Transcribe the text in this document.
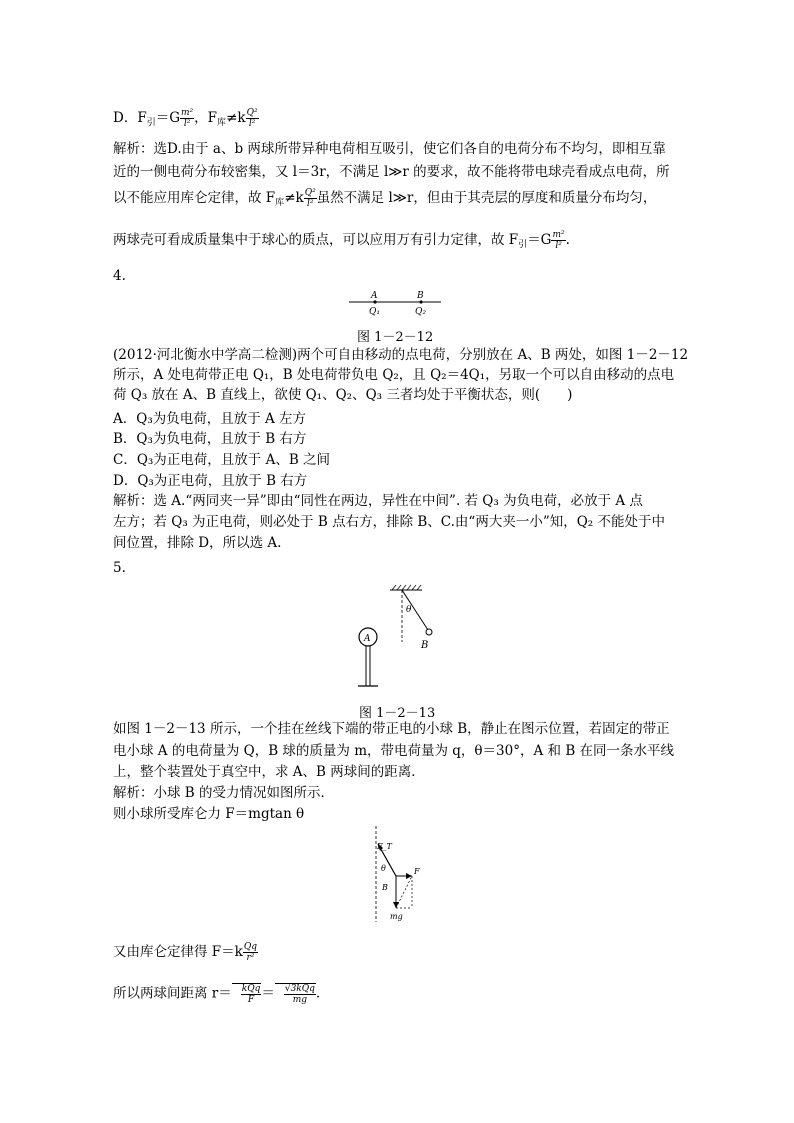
D．$F_引=G \frac{\text{m²}}{\text{l²}}$ ，$F_库\ne k \frac{\text{Q²}}{\text{l²}}$
解析：选D.由于 a、b 两球所带异种电荷相互吸引，使它们各自的电荷分布不均匀，即相互靠
近的一侧电荷分布较密集，又 l＝3r，不满足 l≫r 的要求，故不能将带电球壳看成点电荷，所
以不能应用库仑定律，故 $F_库\ne k \frac{\text{Q²}}{\text{l²}}$ 虽然不满足 l≫r，但由于其壳层的厚度和质量分布均匀，
两球壳可看成质量集中于球心的质点，可以应用万有引力定律，故 $F_引=G \frac{\text{m²}}{\text{l²}}$ .
4.
A	B
Q₁	Q₂
图 1－2－12
(2012·河北衡水中学高二检测)两个可自由移动的点电荷，分别放在 A、B 两处，如图 1－2－12
所示，A 处电荷带正电 Q₁，B 处电荷带负电 Q₂，且 Q₂＝4Q₁，另取一个可以自由移动的点电
荷 Q₃ 放在 A、B 直线上，欲使 Q₁、Q₂、Q₃ 三者均处于平衡状态，则(　　)
A．Q₃为负电荷，且放于 A 左方
B．Q₃为负电荷，且放于 B 右方
C．Q₃为正电荷，且放于 A、B 之间
D．Q₃为正电荷，且放于 B 右方
解析：选 A.“两同夹一异”即由“同性在两边，异性在中间”. 若 Q₃ 为负电荷，必放于 A 点
左方；若 Q₃ 为正电荷，则必处于 B 点右方，排除 B、C.由“两大夹一小”知，Q₂ 不能处于中
间位置，排除 D，所以选 A.
5.
θ
B
A
图 1－2－13
如图 1－2－13 所示，一个挂在丝线下端的带正电的小球 B，静止在图示位置，若固定的带正
电小球 A 的电荷量为 Q，B 球的质量为 m，带电荷量为 q，θ＝30°，A 和 B 在同一条水平线
上，整个装置处于真空中，求 A、B 两球间的距离．
解析：小球 B 的受力情况如图所示．
则小球所受库仑力 F＝mgtan θ
F_T
θ
B
F
mg
又由库仑定律得 $F=k \frac{Qq}{\text{r²}}$
所以两球间距离 r＝ kQq
F ＝ √3kQq
mg .
